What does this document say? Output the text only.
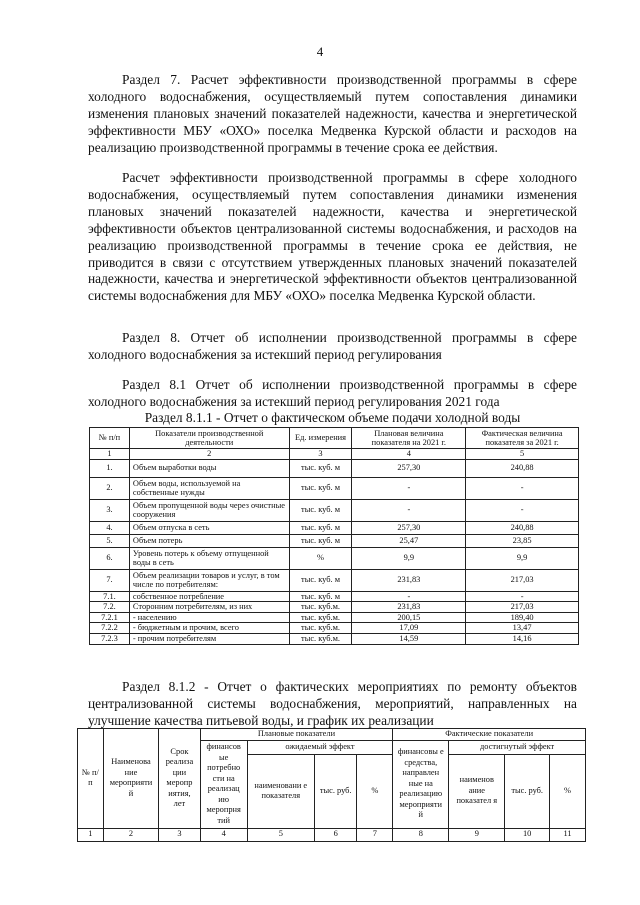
4

Раздел 7. Расчет эффективности производственной программы в сфере холодного водоснабжения, осуществляемый путем сопоставления динамики изменения плановых значений показателей надежности, качества и энергетической эффективности МБУ «ОХО» поселка Медвенка Курской области и расходов на реализацию производственной программы в течение срока ее действия.

Расчет эффективности производственной программы в сфере холодного водоснабжения, осуществляемый путем сопоставления динамики изменения плановых значений показателей надежности, качества и энергетической эффективности объектов централизованной системы водоснабжения, и расходов на реализацию производственной программы в течение срока ее действия, не приводится в связи с отсутствием утвержденных плановых значений показателей надежности, качества и энергетической эффективности объектов централизованной системы водоснабжения для МБУ «ОХО» поселка Медвенка Курской области.

Раздел 8. Отчет об исполнении производственной программы в сфере холодного водоснабжения за истекший период регулирования

Раздел 8.1 Отчет об исполнении производственной программы в сфере холодного водоснабжения за истекший период регулирования 2021 года

Раздел 8.1.1 - Отчет о фактическом объеме подачи холодной воды

№ п/п	Показатели производственной деятельности	Ед. измерения	Плановая величина показателя на 2021 г.	Фактическая величина показателя за 2021 г.
1	2	3	4	5
1.	Объем выработки воды	тыс. куб. м	257,30	240,88
2.	Объем воды, используемой на собственные нужды	тыс. куб. м	-	-
3.	Объем пропущенной воды через очистные сооружения	тыс. куб. м	-	-
4.	Объем отпуска в сеть	тыс. куб. м	257,30	240,88
5.	Объем потерь	тыс. куб. м	25,47	23,85
6.	Уровень потерь к объему отпущенной воды в сеть	%	9,9	9,9
7.	Объем реализации товаров и услуг, в том числе по потребителям:	тыс. куб. м	231,83	217,03
7.1.	собственное потребление	тыс. куб. м	-	-
7.2.	Сторонним потребителям, из них	тыс. куб.м.	231,83	217,03
7.2.1	- населению	тыс. куб.м.	200,15	189,40
7.2.2	- бюджетным и прочим, всего	тыс. куб.м.	17,09	13,47
7.2.3	- прочим потребителям	тыс. куб.м.	14,59	14,16

Раздел 8.1.2 - Отчет о фактических мероприятиях по ремонту объектов централизованной системы водоснабжения, мероприятий, направленных на улучшение качества питьевой воды, и график их реализации

№ п/п	Наименова ние мероприяти й	Срок реализа ции меропр иятия, лет	Плановые показатели				Фактические показатели			
			финансов ые потребно сти на реализац ию меропрня тий	ожидаемый эффект			финансовы е средства, направлен ные на реализацию мероприяти й	достигнутый эффект		
				наименовани е показателя	тыс. руб.	%		наименов ание показател я	тыс. руб.	%
1	2	3	4	5	6	7	8	9	10	11
